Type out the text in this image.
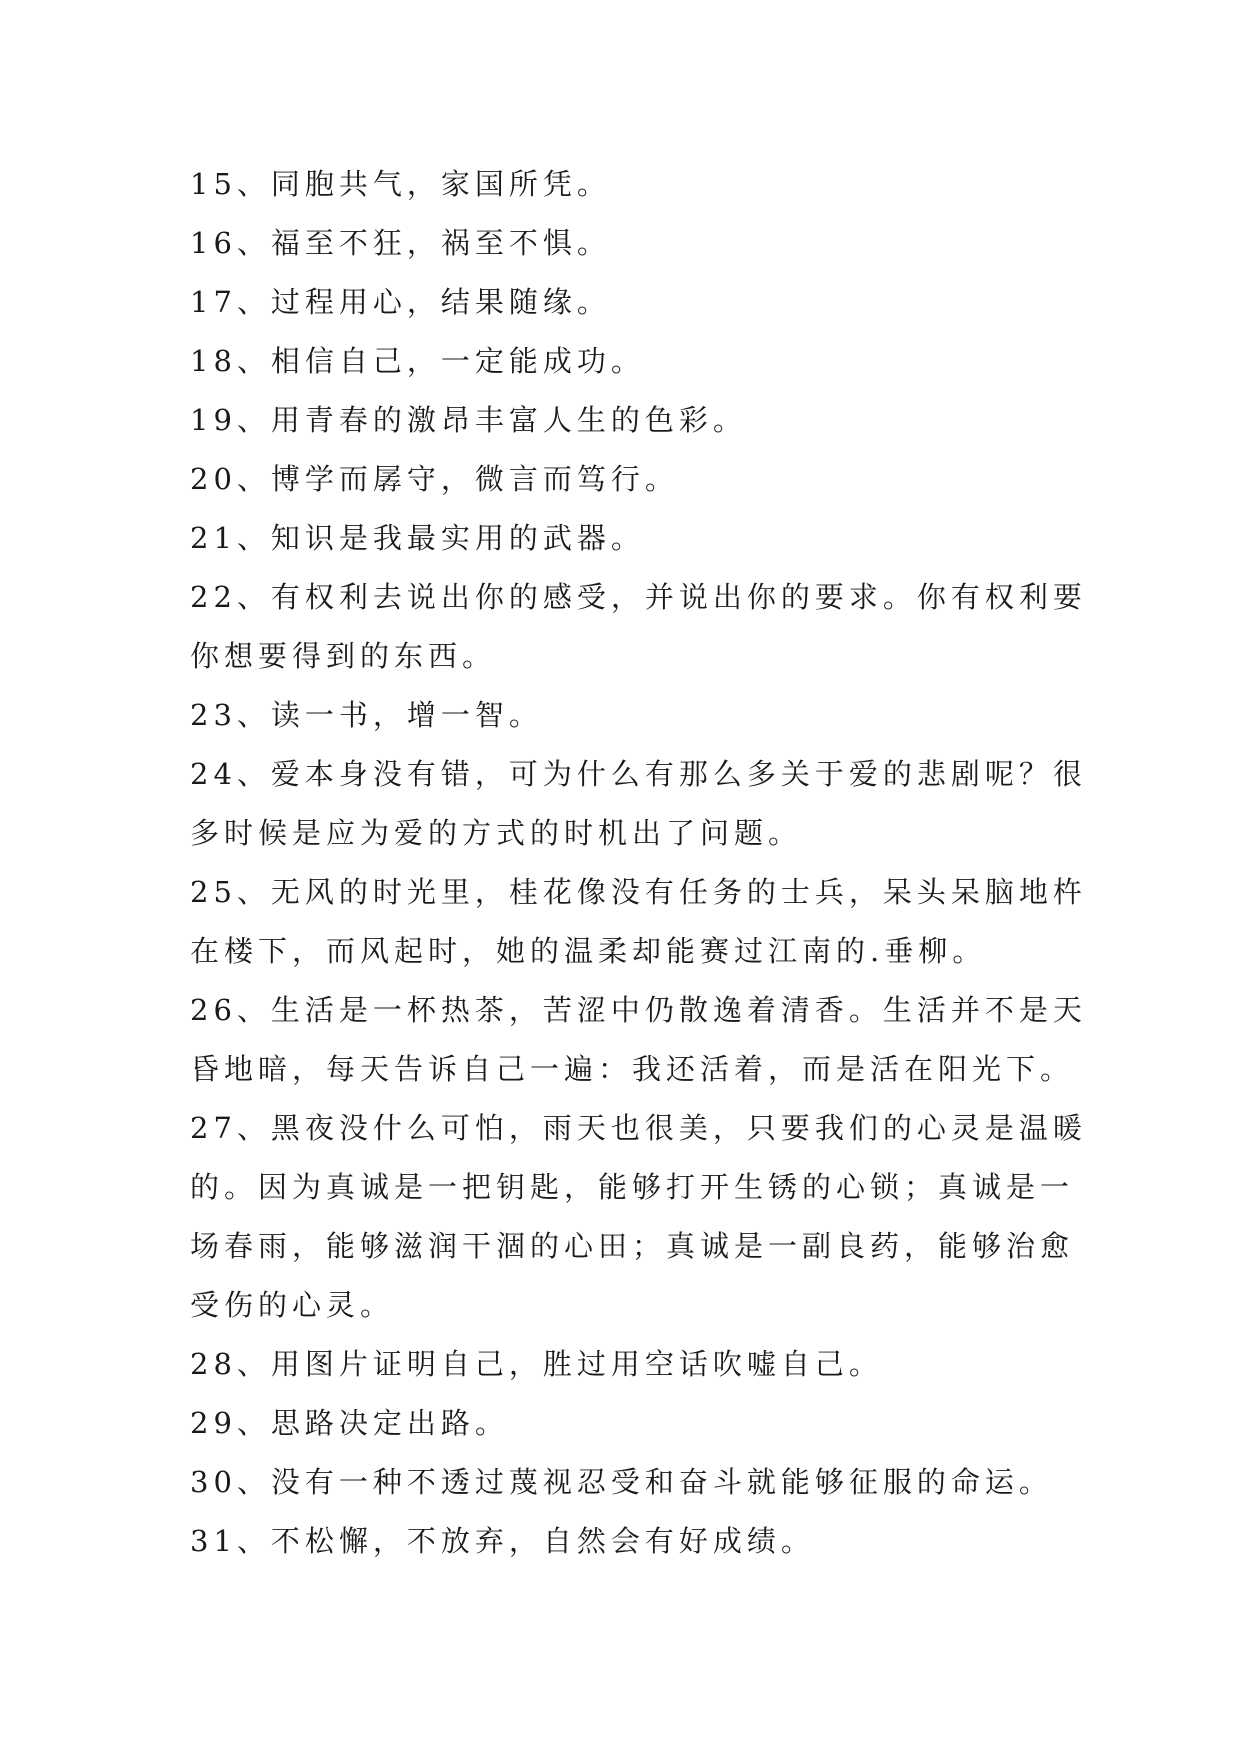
15、同胞共气，家国所凭。
16、福至不狂，祸至不惧。
17、过程用心，结果随缘。
18、相信自己，一定能成功。
19、用青春的激昂丰富人生的色彩。
20、博学而孱守，微言而笃行。
21、知识是我最实用的武器。
22、有权利去说出你的感受，并说出你的要求。你有权利要
你想要得到的东西。
23、读一书，增一智。
24、爱本身没有错，可为什么有那么多关于爱的悲剧呢？很
多时候是应为爱的方式的时机出了问题。
25、无风的时光里，桂花像没有任务的士兵，呆头呆脑地杵
在楼下，而风起时，她的温柔却能赛过江南的.垂柳。
26、生活是一杯热茶，苦涩中仍散逸着清香。生活并不是天
昏地暗，每天告诉自己一遍：我还活着，而是活在阳光下。
27、黑夜没什么可怕，雨天也很美，只要我们的心灵是温暖
的。因为真诚是一把钥匙，能够打开生锈的心锁；真诚是一
场春雨，能够滋润干涸的心田；真诚是一副良药，能够治愈
受伤的心灵。
28、用图片证明自己，胜过用空话吹嘘自己。
29、思路决定出路。
30、没有一种不透过蔑视忍受和奋斗就能够征服的命运。
31、不松懈，不放弃，自然会有好成绩。
